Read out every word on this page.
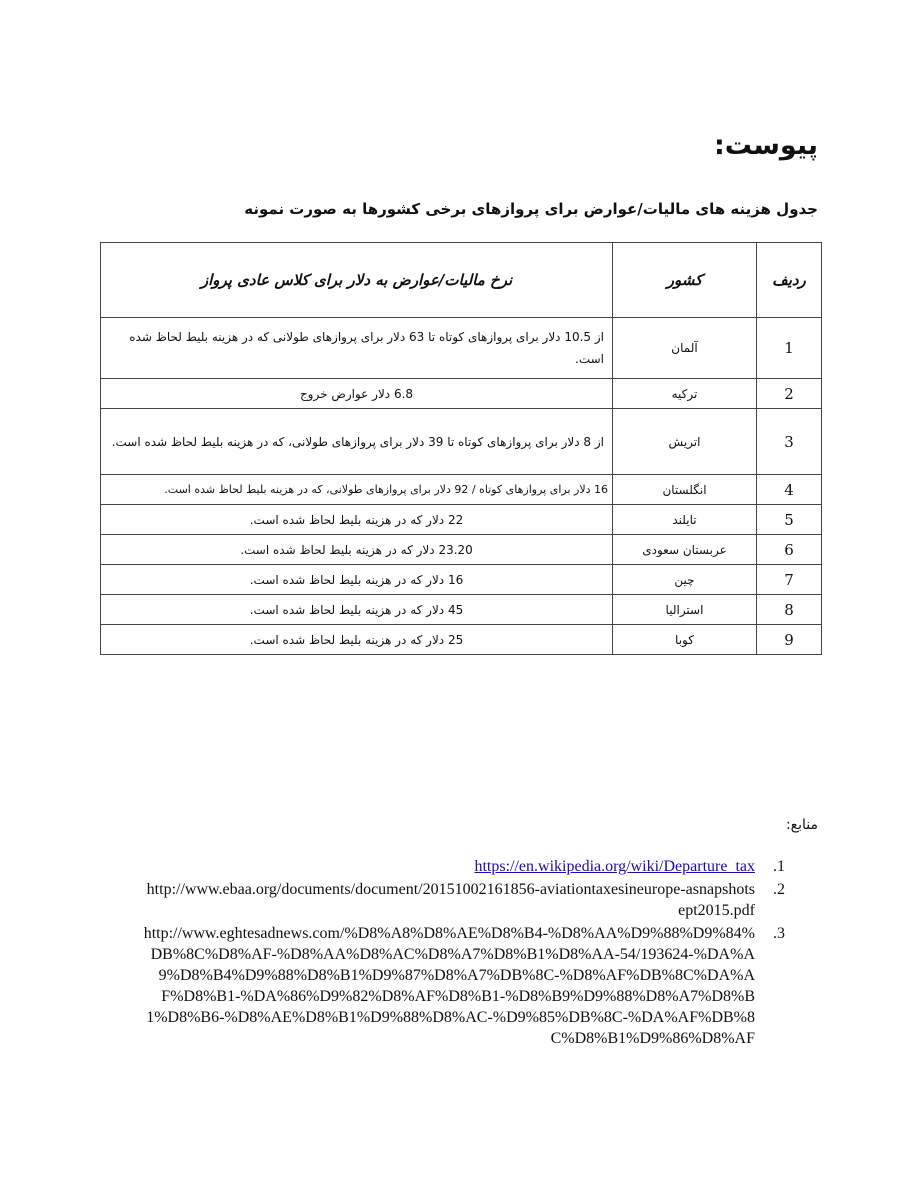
پیوست:
جدول هزینه های مالیات/عوارض برای پروازهای برخی کشورها به صورت نمونه
ردیف	کشور	نرخ مالیات/عوارض به دلار برای کلاس عادی پرواز
1	آلمان	از 10.5 دلار برای پروازهای کوتاه تا 63 دلار برای پروازهای طولانی که در هزینه بلیط لحاظ شده است.
2	ترکیه	6.8 دلار عوارض خروج
3	اتریش	از 8 دلار برای پروازهای کوتاه تا 39 دلار برای پروازهای طولانی، که در هزینه بلیط لحاظ شده است.
4	انگلستان	16 دلار برای پروازهای کوتاه / 92 دلار برای پروازهای طولانی، که در هزینه بلیط لحاظ شده است.
5	تایلند	22 دلار که در هزینه بلیط لحاظ شده است.
6	عربستان سعودی	23.20 دلار که در هزینه بلیط لحاظ شده است.
7	چین	16 دلار که در هزینه بلیط لحاظ شده است.
8	استرالیا	45 دلار که در هزینه بلیط لحاظ شده است.
9	کوبا	25 دلار که در هزینه بلیط لحاظ شده است.
منابع:
.1
https://en.wikipedia.org/wiki/Departure_tax
.2
http://www.ebaa.org/documents/document/20151002161856-aviationtaxesineurope-asnapshotsept2015.pdf
.3
http://www.eghtesadnews.com/%D8%A8%D8%AE%D8%B4-%D8%AA%D9%88%D9%84%DB%8C%D8%AF-%D8%AA%D8%AC%D8%A7%D8%B1%D8%AA-54/193624-%DA%A9%D8%B4%D9%88%D8%B1%D9%87%D8%A7%DB%8C-%D8%AF%DB%8C%DA%AF%D8%B1-%DA%86%D9%82%D8%AF%D8%B1-%D8%B9%D9%88%D8%A7%D8%B1%D8%B6-%D8%AE%D8%B1%D9%88%D8%AC-%D9%85%DB%8C-%DA%AF%DB%8C%D8%B1%D9%86%D8%AF
